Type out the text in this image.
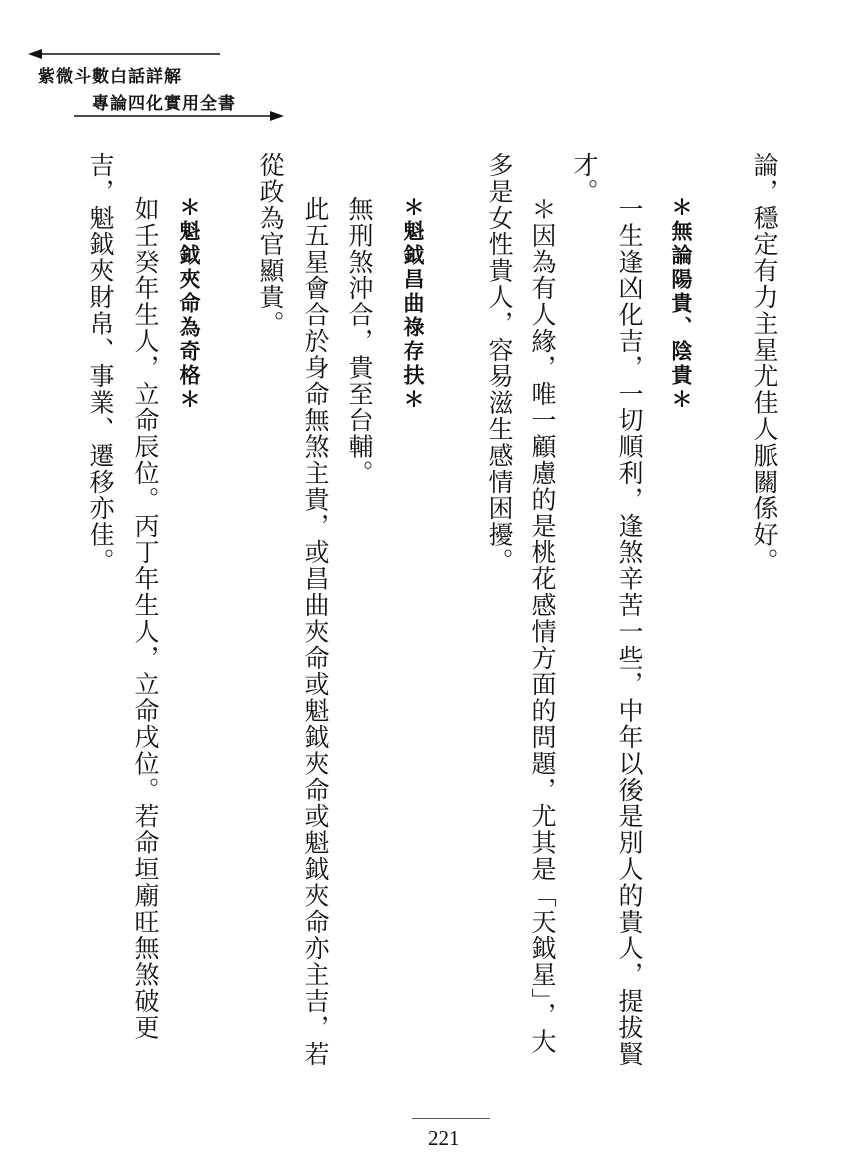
紫微斗數白話詳解
專論四化實用全書
論，穩定有力主星尤佳人脈關係好。
才。
一生逢凶化吉，一切順利，逢煞辛苦一些，中年以後是別人的貴人，提拔賢 ＊無論陽貴、陰貴＊
多是女性貴人，容易滋生感情困擾。 ＊因為有人緣，唯一顧慮的是桃花感情方面的問題，尤其是「天鉞星」，大
從政為官顯貴。 此五星會合於身命無煞主貴，或昌曲夾命或魁鉞夾命或魁鉞夾命亦主吉，若 無刑煞沖合，貴至台輔。 ＊魁鉞昌曲祿存扶＊
吉，魁鉞夾財帛、事業、遷移亦佳。 如壬癸年生人，立命辰位。丙丁年生人，立命戌位。若命垣廟旺無煞破更 ＊魁鉞夾命為奇格＊
221
